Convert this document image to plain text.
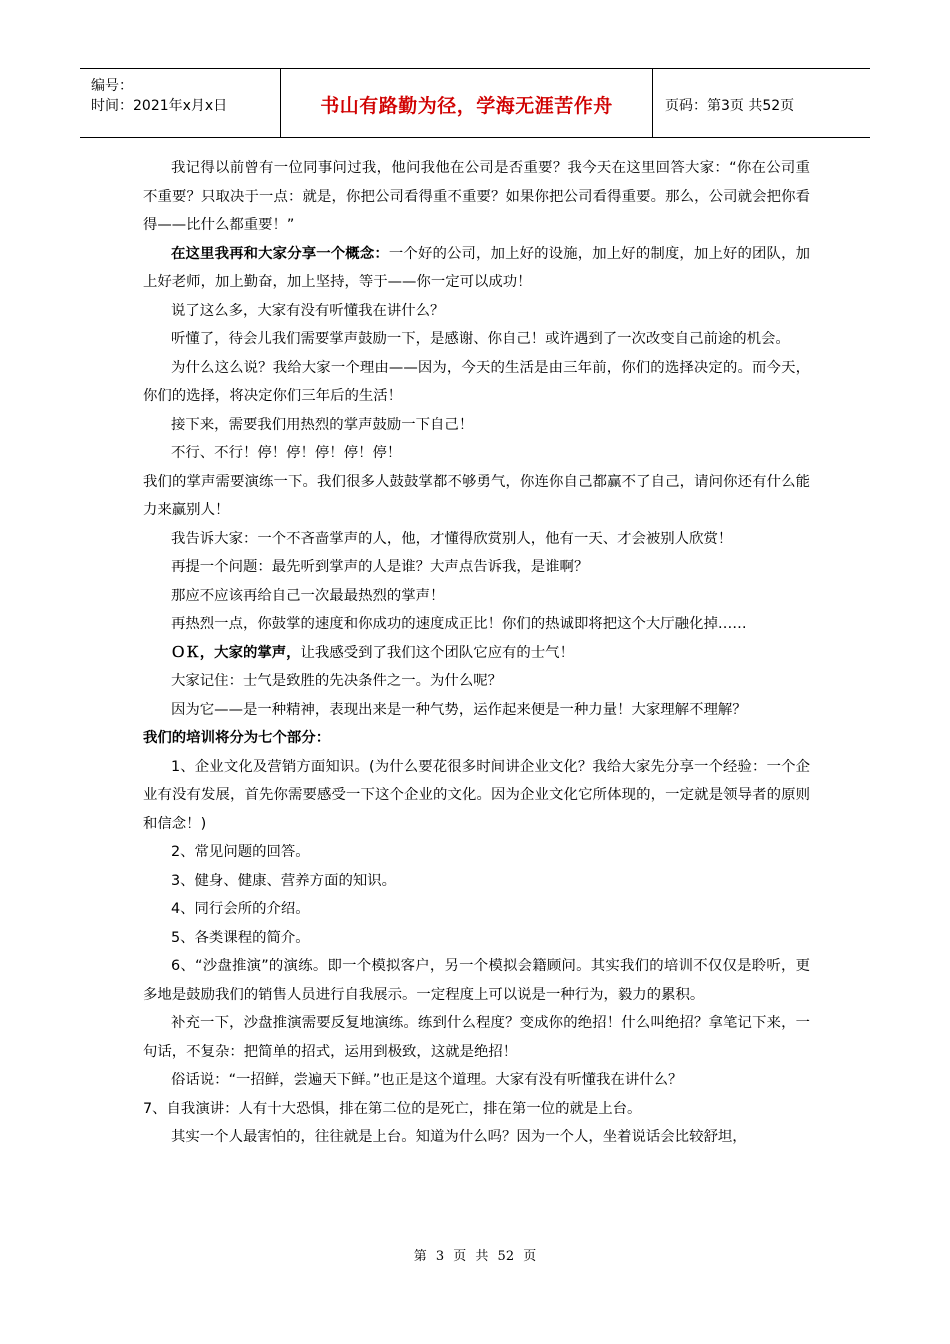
编号：
时间：2021年x月x日	书山有路勤为径，学海无涯苦作舟	页码：第3页 共52页

我记得以前曾有一位同事问过我，他问我他在公司是否重要？我今天在这里回答大家：“你在公司重不重要？只取决于一点：就是，你把公司看得重不重要？如果你把公司看得重要。那么，公司就会把你看得——比什么都重要！”

在这里我再和大家分享一个概念：一个好的公司，加上好的设施，加上好的制度，加上好的团队，加上好老师，加上勤奋，加上坚持，等于——你一定可以成功！

说了这么多，大家有没有听懂我在讲什么？

听懂了，待会儿我们需要掌声鼓励一下，是感谢、你自己！或许遇到了一次改变自己前途的机会。

为什么这么说？我给大家一个理由——因为，今天的生活是由三年前，你们的选择决定的。而今天，你们的选择，将决定你们三年后的生活！

接下来，需要我们用热烈的掌声鼓励一下自己！

不行、不行！停！停！停！停！停！

我们的掌声需要演练一下。我们很多人鼓鼓掌都不够勇气，你连你自己都赢不了自己，请问你还有什么能力来赢别人！

我告诉大家：一个不吝啬掌声的人，他，才懂得欣赏别人，他有一天、才会被别人欣赏！

再提一个问题：最先听到掌声的人是谁？大声点告诉我，是谁啊？

那应不应该再给自己一次最最热烈的掌声！

再热烈一点，你鼓掌的速度和你成功的速度成正比！你们的热诚即将把这个大厅融化掉……

ＯＫ，大家的掌声，让我感受到了我们这个团队它应有的士气！

大家记住：士气是致胜的先决条件之一。为什么呢？

因为它——是一种精神，表现出来是一种气势，运作起来便是一种力量！大家理解不理解？

我们的培训将分为七个部分：

1、企业文化及营销方面知识。(为什么要花很多时间讲企业文化？我给大家先分享一个经验：一个企业有没有发展，首先你需要感受一下这个企业的文化。因为企业文化它所体现的，一定就是领导者的原则和信念！)

2、常见问题的回答。

3、健身、健康、营养方面的知识。

4、同行会所的介绍。

5、各类课程的简介。

6、“沙盘推演”的演练。即一个模拟客户，另一个模拟会籍顾问。其实我们的培训不仅仅是聆听，更多地是鼓励我们的销售人员进行自我展示。一定程度上可以说是一种行为，毅力的累积。

补充一下，沙盘推演需要反复地演练。练到什么程度？变成你的绝招！什么叫绝招？拿笔记下来，一句话，不复杂：把简单的招式，运用到极致，这就是绝招！

俗话说：“一招鲜，尝遍天下鲜。”也正是这个道理。大家有没有听懂我在讲什么？

7、自我演讲：人有十大恐惧，排在第二位的是死亡，排在第一位的就是上台。

其实一个人最害怕的，往往就是上台。知道为什么吗？因为一个人，坐着说话会比较舒坦，

第 3 页 共 52 页
